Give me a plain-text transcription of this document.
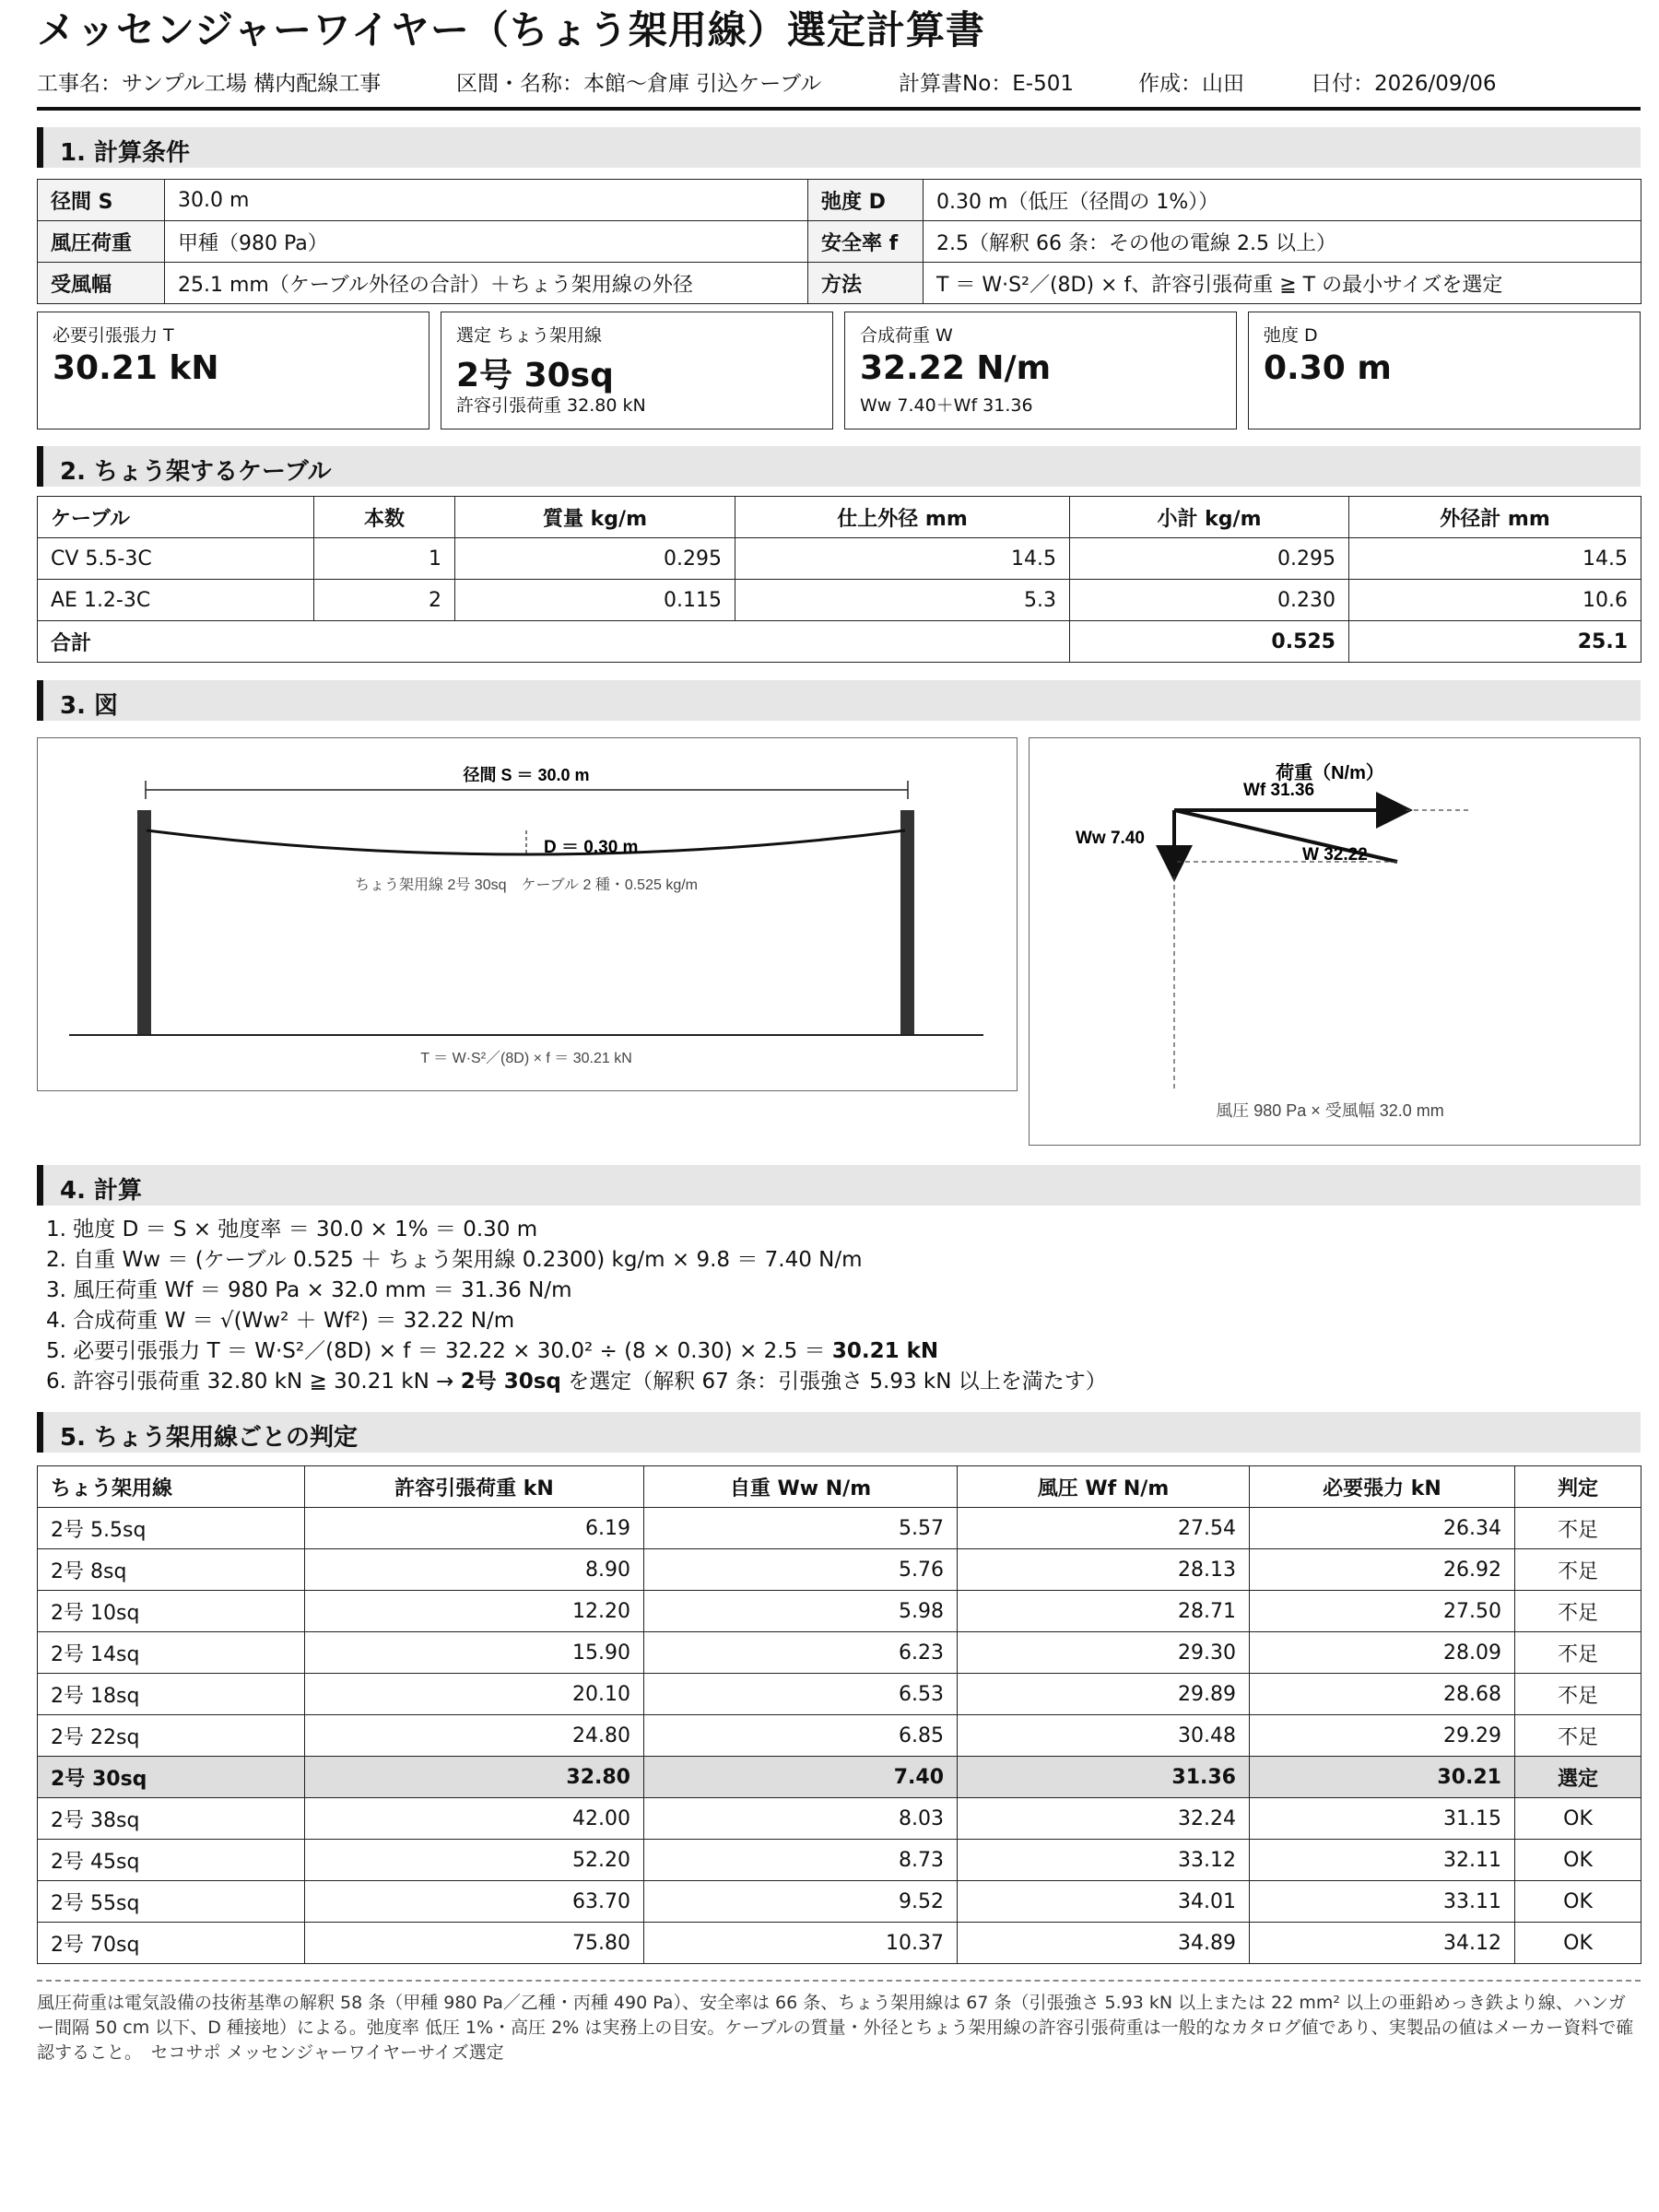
メッセンジャーワイヤー（ちょう架用線）選定計算書
工事名：サンプル工場 構内配線工事	区間・名称：本館〜倉庫 引込ケーブル	計算書No：E-501	作成：山田	日付：2026/09/06
1. 計算条件
径間 S	30.0 m	弛度 D	0.30 m（低圧（径間の 1%））
風圧荷重	甲種（980 Pa）	安全率 f	2.5（解釈 66 条：その他の電線 2.5 以上）
受風幅	25.1 mm（ケーブル外径の合計）＋ちょう架用線の外径	方法	T ＝ W·S²／(8D) × f、許容引張荷重 ≧ T の最小サイズを選定
必要引張張力 T
30.21 kN
選定 ちょう架用線
2号 30sq
許容引張荷重 32.80 kN
合成荷重 W
32.22 N/m
Ww 7.40＋Wf 31.36
弛度 D
0.30 m
2. ちょう架するケーブル
ケーブル	本数	質量 kg/m	仕上外径 mm	小計 kg/m	外径計 mm
CV 5.5-3C	1	0.295	14.5	0.295	14.5
AE 1.2-3C	2	0.115	5.3	0.230	10.6
合計				0.525	25.1
3. 図
径間 S ＝ 30.0 m
D ＝ 0.30 m
ちょう架用線 2号 30sq　ケーブル 2 種・0.525 kg/m
T ＝ W·S²／(8D) × f ＝ 30.21 kN
荷重（N/m）
Wf 31.36
Ww 7.40
W 32.22
風圧 980 Pa × 受風幅 32.0 mm
4. 計算
1. 弛度 D ＝ S × 弛度率 ＝ 30.0 × 1% ＝ 0.30 m
2. 自重 Ww ＝ (ケーブル 0.525 ＋ ちょう架用線 0.2300) kg/m × 9.8 ＝ 7.40 N/m
3. 風圧荷重 Wf ＝ 980 Pa × 32.0 mm ＝ 31.36 N/m
4. 合成荷重 W ＝ √(Ww² ＋ Wf²) ＝ 32.22 N/m
5. 必要引張張力 T ＝ W·S²／(8D) × f ＝ 32.22 × 30.0² ÷ (8 × 0.30) × 2.5 ＝ 30.21 kN
6. 許容引張荷重 32.80 kN ≧ 30.21 kN → 2号 30sq を選定（解釈 67 条：引張強さ 5.93 kN 以上を満たす）
5. ちょう架用線ごとの判定
ちょう架用線	許容引張荷重 kN	自重 Ww N/m	風圧 Wf N/m	必要張力 kN	判定
2号 5.5sq	6.19	5.57	27.54	26.34	不足
2号 8sq	8.90	5.76	28.13	26.92	不足
2号 10sq	12.20	5.98	28.71	27.50	不足
2号 14sq	15.90	6.23	29.30	28.09	不足
2号 18sq	20.10	6.53	29.89	28.68	不足
2号 22sq	24.80	6.85	30.48	29.29	不足
2号 30sq	32.80	7.40	31.36	30.21	選定
2号 38sq	42.00	8.03	32.24	31.15	OK
2号 45sq	52.20	8.73	33.12	32.11	OK
2号 55sq	63.70	9.52	34.01	33.11	OK
2号 70sq	75.80	10.37	34.89	34.12	OK
風圧荷重は電気設備の技術基準の解釈 58 条（甲種 980 Pa／乙種・丙種 490 Pa）、安全率は 66 条、ちょう架用線は 67 条（引張強さ 5.93 kN 以上または 22 mm² 以上の亜鉛めっき鉄より線、ハンガー間隔 50 cm 以下、D 種接地）による。弛度率 低圧 1%・高圧 2% は実務上の目安。ケーブルの質量・外径とちょう架用線の許容引張荷重は一般的なカタログ値であり、実製品の値はメーカー資料で確認すること。　セコサポ メッセンジャーワイヤーサイズ選定
